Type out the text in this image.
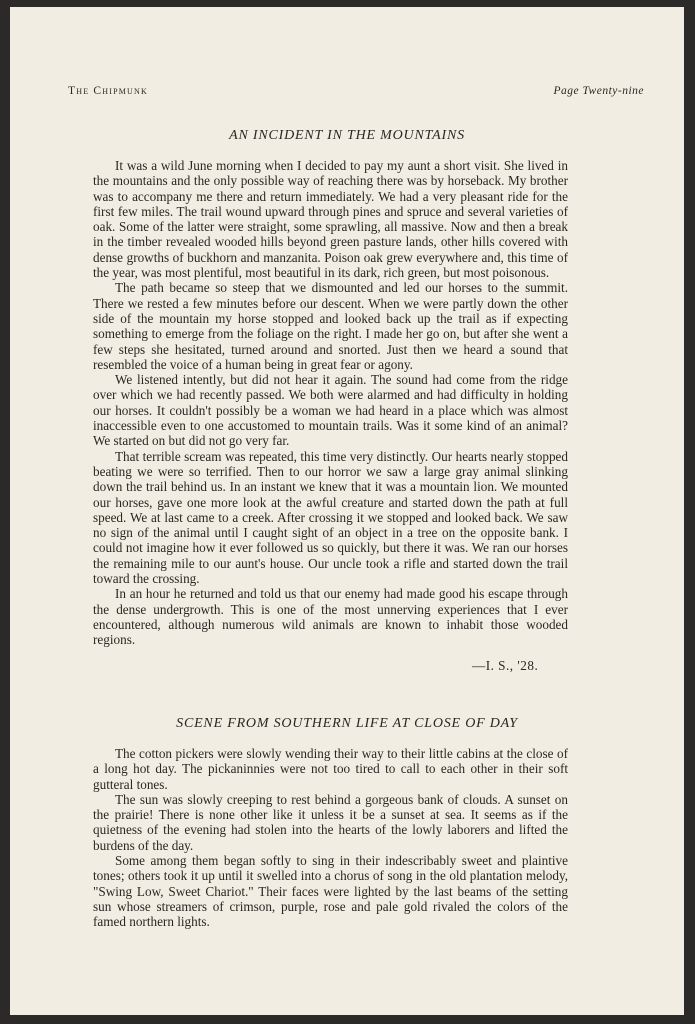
The Chipmunk	Page Twenty-nine
AN INCIDENT IN THE MOUNTAINS

It was a wild June morning when I decided to pay my aunt a short visit. She lived in the mountains and the only possible way of reaching there was by horseback. My brother was to accompany me there and return immediately. We had a very pleasant ride for the first few miles. The trail wound upward through pines and spruce and several varieties of oak. Some of the latter were straight, some sprawling, all massive. Now and then a break in the timber revealed wooded hills beyond green pasture lands, other hills covered with dense growths of buckhorn and manzanita. Poison oak grew everywhere and, this time of the year, was most plentiful, most beautiful in its dark, rich green, but most poisonous.

The path became so steep that we dismounted and led our horses to the summit. There we rested a few minutes before our descent. When we were partly down the other side of the mountain my horse stopped and looked back up the trail as if expecting something to emerge from the foliage on the right. I made her go on, but after she went a few steps she hesitated, turned around and snorted. Just then we heard a sound that resembled the voice of a human being in great fear or agony.

We listened intently, but did not hear it again. The sound had come from the ridge over which we had recently passed. We both were alarmed and had difficulty in holding our horses. It couldn't possibly be a woman we had heard in a place which was almost inaccessible even to one accustomed to mountain trails. Was it some kind of an animal? We started on but did not go very far.

That terrible scream was repeated, this time very distinctly. Our hearts nearly stopped beating we were so terrified. Then to our horror we saw a large gray animal slinking down the trail behind us. In an instant we knew that it was a mountain lion. We mounted our horses, gave one more look at the awful creature and started down the path at full speed. We at last came to a creek. After crossing it we stopped and looked back. We saw no sign of the animal until I caught sight of an object in a tree on the opposite bank. I could not imagine how it ever followed us so quickly, but there it was. We ran our horses the remaining mile to our aunt's house. Our uncle took a rifle and started down the trail toward the crossing.

In an hour he returned and told us that our enemy had made good his escape through the dense undergrowth. This is one of the most unnerving experiences that I ever encountered, although numerous wild animals are known to inhabit those wooded regions.

—I. S., '28.
SCENE FROM SOUTHERN LIFE AT CLOSE OF DAY

The cotton pickers were slowly wending their way to their little cabins at the close of a long hot day. The pickaninnies were not too tired to call to each other in their soft gutteral tones.

The sun was slowly creeping to rest behind a gorgeous bank of clouds. A sunset on the prairie! There is none other like it unless it be a sunset at sea. It seems as if the quietness of the evening had stolen into the hearts of the lowly laborers and lifted the burdens of the day.

Some among them began softly to sing in their indescribably sweet and plaintive tones; others took it up until it swelled into a chorus of song in the old plantation melody, "Swing Low, Sweet Chariot." Their faces were lighted by the last beams of the setting sun whose streamers of crimson, purple, rose and pale gold rivaled the colors of the famed northern lights.
